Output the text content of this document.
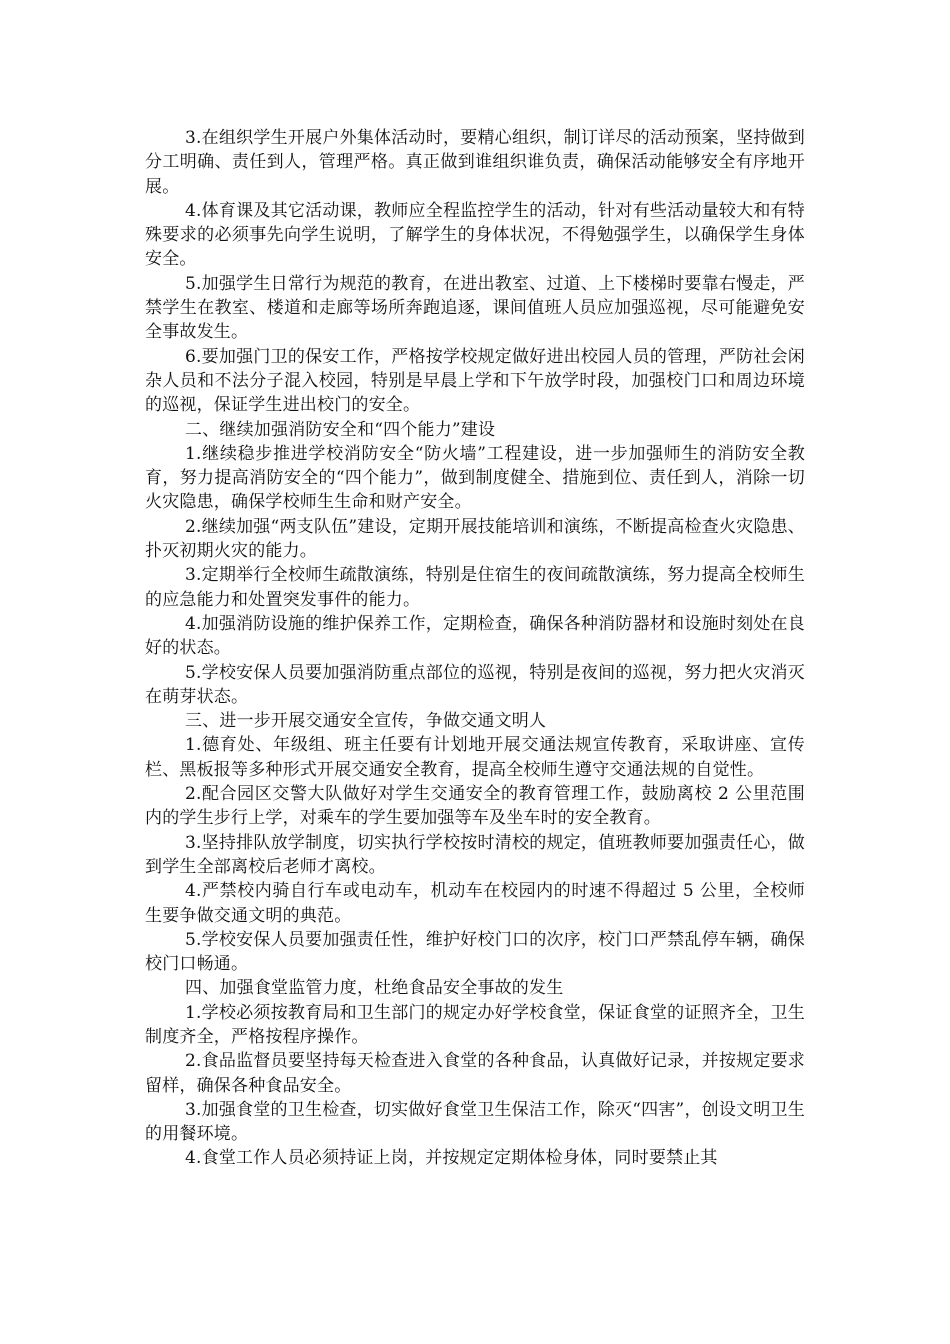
3.在组织学生开展户外集体活动时，要精心组织，制订详尽的活动预案，坚持做到分工明确、责任到人，管理严格。真正做到谁组织谁负责，确保活动能够安全有序地开展。

4.体育课及其它活动课，教师应全程监控学生的活动，针对有些活动量较大和有特殊要求的必须事先向学生说明，了解学生的身体状况，不得勉强学生，以确保学生身体安全。

5.加强学生日常行为规范的教育，在进出教室、过道、上下楼梯时要靠右慢走，严禁学生在教室、楼道和走廊等场所奔跑追逐，课间值班人员应加强巡视，尽可能避免安全事故发生。

6.要加强门卫的保安工作，严格按学校规定做好进出校园人员的管理，严防社会闲杂人员和不法分子混入校园，特别是早晨上学和下午放学时段，加强校门口和周边环境的巡视，保证学生进出校门的安全。

二、继续加强消防安全和“四个能力”建设

1.继续稳步推进学校消防安全“防火墙”工程建设，进一步加强师生的消防安全教育，努力提高消防安全的“四个能力”，做到制度健全、措施到位、责任到人，消除一切火灾隐患，确保学校师生生命和财产安全。

2.继续加强“两支队伍”建设，定期开展技能培训和演练，不断提高检查火灾隐患、扑灭初期火灾的能力。

3.定期举行全校师生疏散演练，特别是住宿生的夜间疏散演练，努力提高全校师生的应急能力和处置突发事件的能力。

4.加强消防设施的维护保养工作，定期检查，确保各种消防器材和设施时刻处在良好的状态。

5.学校安保人员要加强消防重点部位的巡视，特别是夜间的巡视，努力把火灾消灭在萌芽状态。

三、进一步开展交通安全宣传，争做交通文明人

1.德育处、年级组、班主任要有计划地开展交通法规宣传教育，采取讲座、宣传栏、黑板报等多种形式开展交通安全教育，提高全校师生遵守交通法规的自觉性。

2.配合园区交警大队做好对学生交通安全的教育管理工作，鼓励离校 2 公里范围内的学生步行上学，对乘车的学生要加强等车及坐车时的安全教育。

3.坚持排队放学制度，切实执行学校按时清校的规定，值班教师要加强责任心，做到学生全部离校后老师才离校。

4.严禁校内骑自行车或电动车，机动车在校园内的时速不得超过 5 公里，全校师生要争做交通文明的典范。

5.学校安保人员要加强责任性，维护好校门口的次序，校门口严禁乱停车辆，确保校门口畅通。

四、加强食堂监管力度，杜绝食品安全事故的发生

1.学校必须按教育局和卫生部门的规定办好学校食堂，保证食堂的证照齐全，卫生制度齐全，严格按程序操作。

2.食品监督员要坚持每天检查进入食堂的各种食品，认真做好记录，并按规定要求留样，确保各种食品安全。

3.加强食堂的卫生检查，切实做好食堂卫生保洁工作，除灭“四害”，创设文明卫生的用餐环境。

4.食堂工作人员必须持证上岗，并按规定定期体检身体，同时要禁止其
